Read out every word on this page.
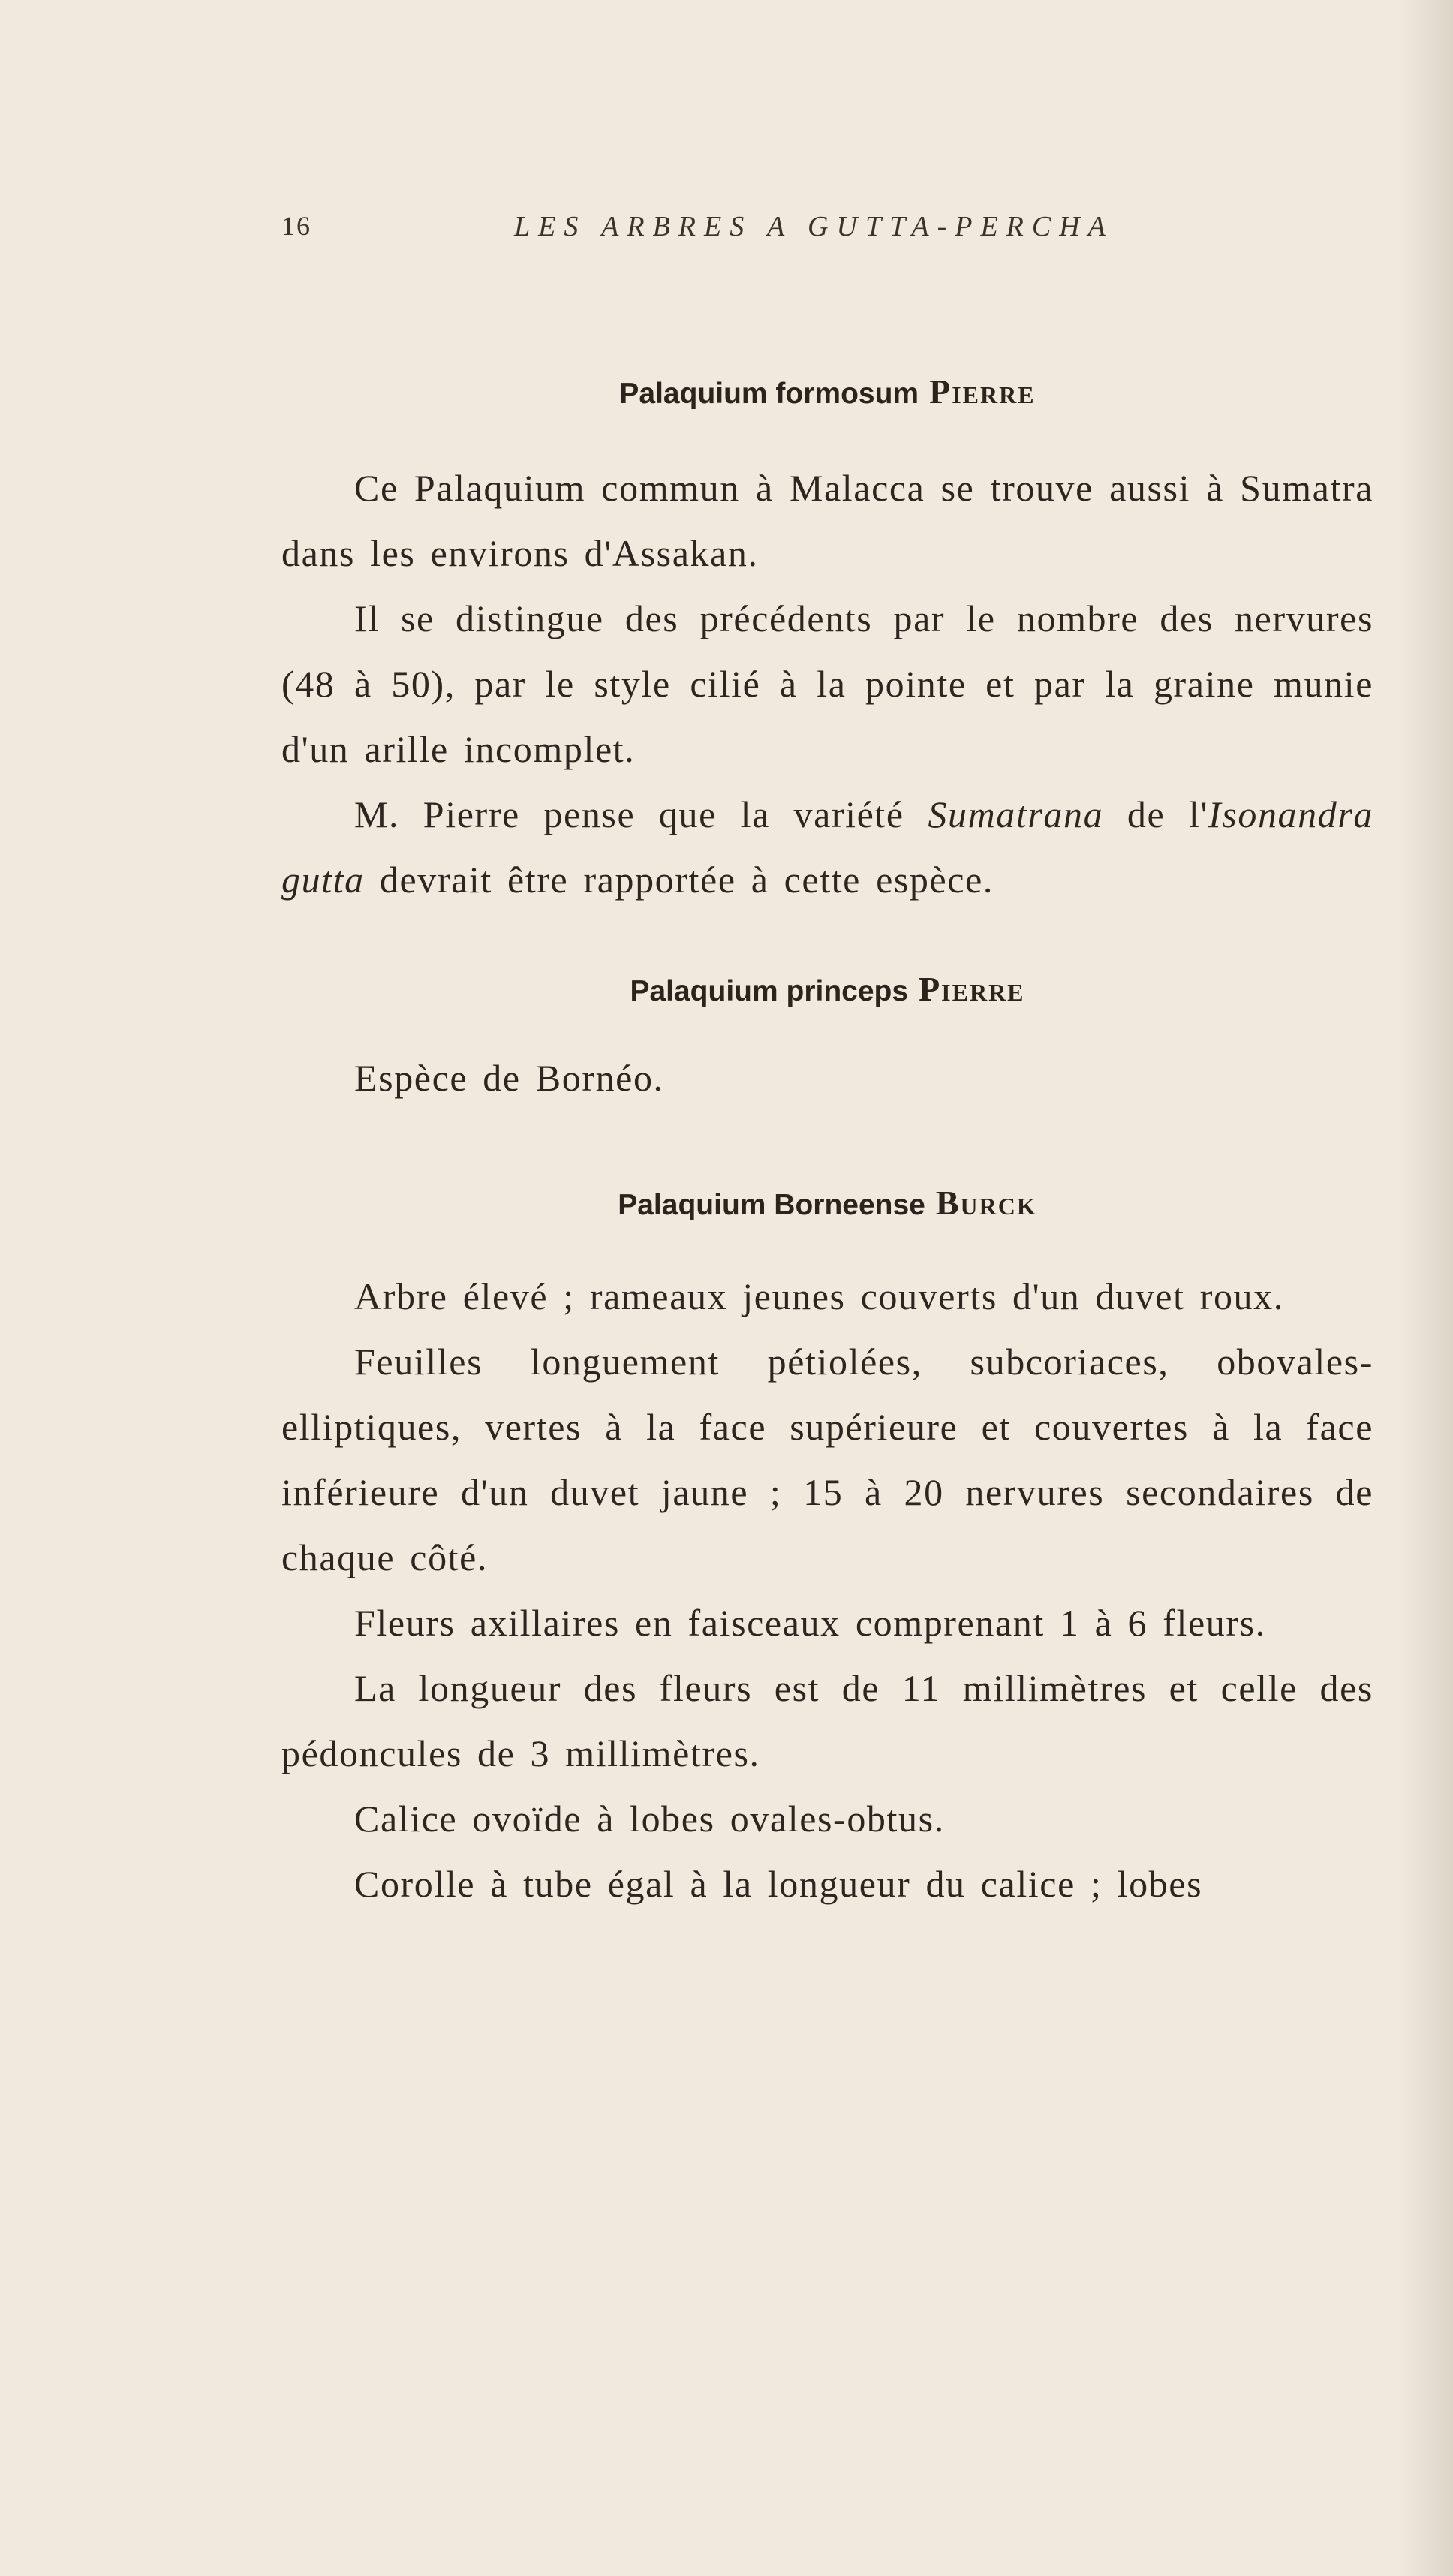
16	LES ARBRES A GUTTA-PERCHA
Palaquium formosum Pierre

Ce Palaquium commun à Malacca se trouve aussi à Sumatra dans les environs d'Assakan.

Il se distingue des précédents par le nombre des nervures (48 à 50), par le style cilié à la pointe et par la graine munie d'un arille incomplet.

M. Pierre pense que la variété Sumatrana de l'Isonandra gutta devrait être rapportée à cette espèce.

Palaquium princeps Pierre

Espèce de Bornéo.

Palaquium Borneense Burck

Arbre élevé ; rameaux jeunes couverts d'un duvet roux.

Feuilles longuement pétiolées, subcoriaces, obovales-elliptiques, vertes à la face supérieure et couvertes à la face inférieure d'un duvet jaune ; 15 à 20 nervures secondaires de chaque côté.

Fleurs axillaires en faisceaux comprenant 1 à 6 fleurs.

La longueur des fleurs est de 11 millimètres et celle des pédoncules de 3 millimètres.

Calice ovoïde à lobes ovales-obtus.

Corolle à tube égal à la longueur du calice ; lobes
